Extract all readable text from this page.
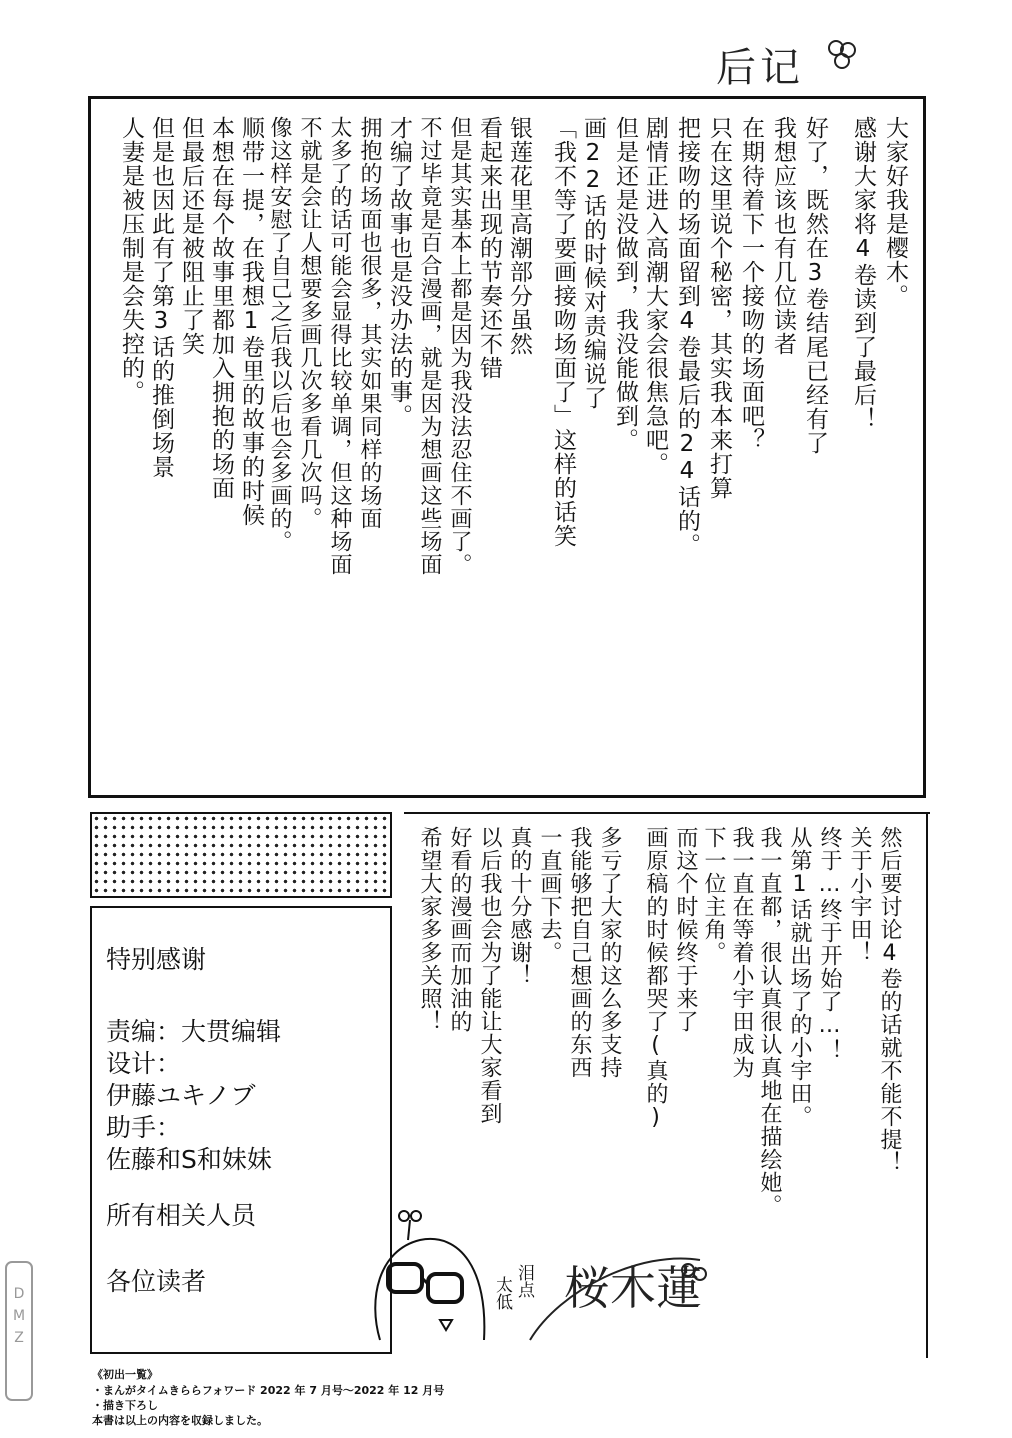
后记
大家好我是樱木。
感谢大家将4卷读到了最后！
好了，既然在3卷结尾已经有了
我想应该也有几位读者
在期待着下一个接吻的场面吧？
只在这里说个秘密，其实我本来打算
把接吻的场面留到4卷最后的24话的。
剧情正进入高潮大家会很焦急吧。
但是还是没做到，我没能做到。
画22话的时候对责编说了
「我不等了要画接吻场面了」这样的话笑
银莲花里高潮部分虽然
看起来出现的节奏还不错
但是其实基本上都是因为我没法忍住不画了。
不过毕竟是百合漫画，就是因为想画这些场面
才编了故事也是没办法的事。
拥抱的场面也很多，其实如果同样的场面
太多了的话可能会显得比较单调，但这种场面
不就是会让人想要多画几次多看几次吗。
像这样安慰了自己之后我以后也会多画的。
顺带一提，在我想1卷里的故事的时候
本想在每个故事里都加入拥抱的场面
但最后还是被阻止了笑
但是也因此有了第3话的推倒场景
人妻是被压制是会失控的。
然后要讨论4卷的话就不能不提！
关于小宇田！
终于…终于开始了…！
从第1话就出场了的小宇田。
我一直都，很认真很认真地在描绘她。
我一直在等着小宇田成为
下一位主角。
而这个时候终于来了
画原稿的时候都哭了(真的)
多亏了大家的这么多支持
我能够把自己想画的东西
一直画下去。
真的十分感谢！
以后我也会为了能让大家看到
好看的漫画而加油的
希望大家多多关照！
特别感谢
责编：大贯编辑
设计：
伊藤ユキノブ
助手：
佐藤和S和妹妹
所有相关人员
各位读者	泪点
太低 桜木蓮
《初出一覧》
・まんがタイムきららフォワード 2022 年 7 月号〜2022 年 12 月号
・描き下ろし
本書は以上の内容を収録しました。
D
M
Z
